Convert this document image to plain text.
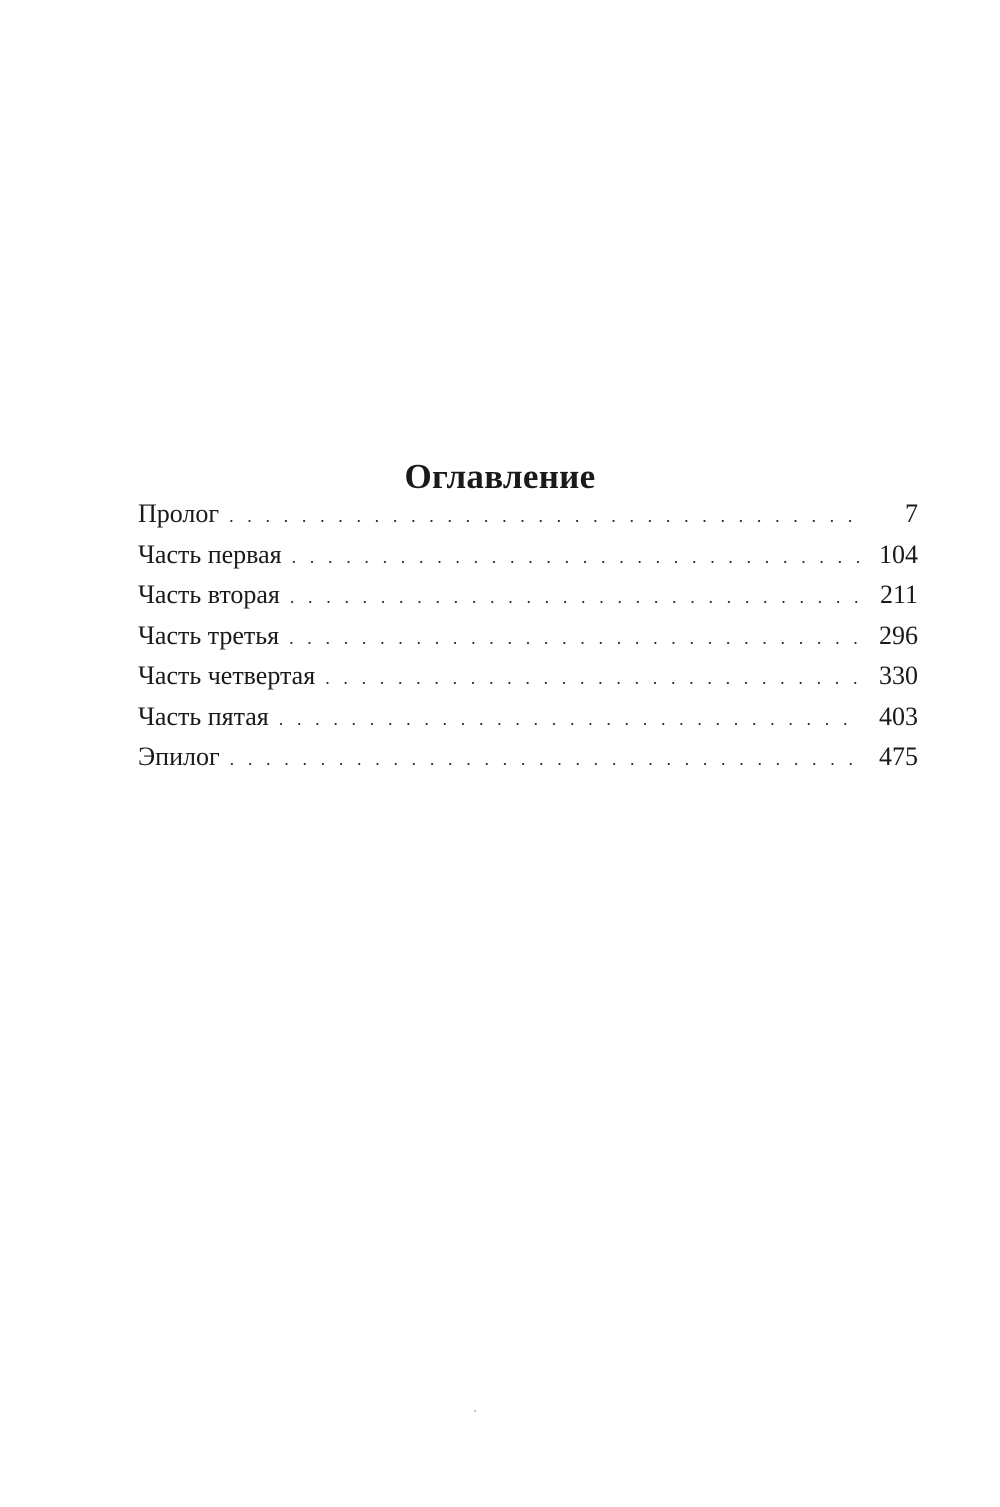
Оглавление
Пролог . . .	7
Часть первая . . .	104
Часть вторая . . .	211
Часть третья . . .	296
Часть четвертая . . .	330
Часть пятая . . .	403
Эпилог . . .	475
